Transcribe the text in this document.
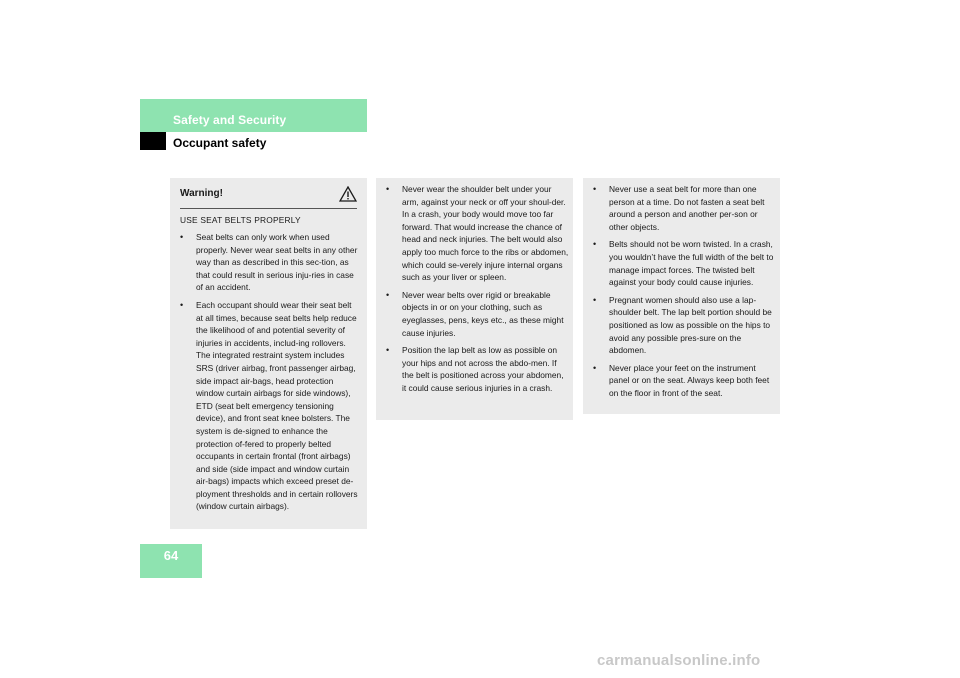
Safety and Security
Occupant safety
Warning!
USE SEAT BELTS PROPERLY
• Seat belts can only work when used properly. Never wear seat belts in any other way than as described in this sec-tion, as that could result in serious inju-ries in case of an accident.
• Each occupant should wear their seat belt at all times, because seat belts help reduce the likelihood of and potential severity of injuries in accidents, includ-ing rollovers. The integrated restraint system includes SRS (driver airbag, front passenger airbag, side impact air-bags, head protection window curtain airbags for side windows), ETD (seat belt emergency tensioning device), and front seat knee bolsters. The system is de-signed to enhance the protection of-fered to properly belted occupants in certain frontal (front airbags) and side (side impact and window curtain air-bags) impacts which exceed preset de-ployment thresholds and in certain rollovers (window curtain airbags).
• Never wear the shoulder belt under your arm, against your neck or off your shoul-der. In a crash, your body would move too far forward. That would increase the chance of head and neck injuries. The belt would also apply too much force to the ribs or abdomen, which could se-verely injure internal organs such as your liver or spleen.
• Never wear belts over rigid or breakable objects in or on your clothing, such as eyeglasses, pens, keys etc., as these might cause injuries.
• Position the lap belt as low as possible on your hips and not across the abdo-men. If the belt is positioned across your abdomen, it could cause serious injuries in a crash.
• Never use a seat belt for more than one person at a time. Do not fasten a seat belt around a person and another per-son or other objects.
• Belts should not be worn twisted. In a crash, you wouldn’t have the full width of the belt to manage impact forces. The twisted belt against your body could cause injuries.
• Pregnant women should also use a lap-shoulder belt. The lap belt portion should be positioned as low as possible on the hips to avoid any possible pres-sure on the abdomen.
• Never place your feet on the instrument panel or on the seat. Always keep both feet on the floor in front of the seat.
64
carmanualsonline.info
